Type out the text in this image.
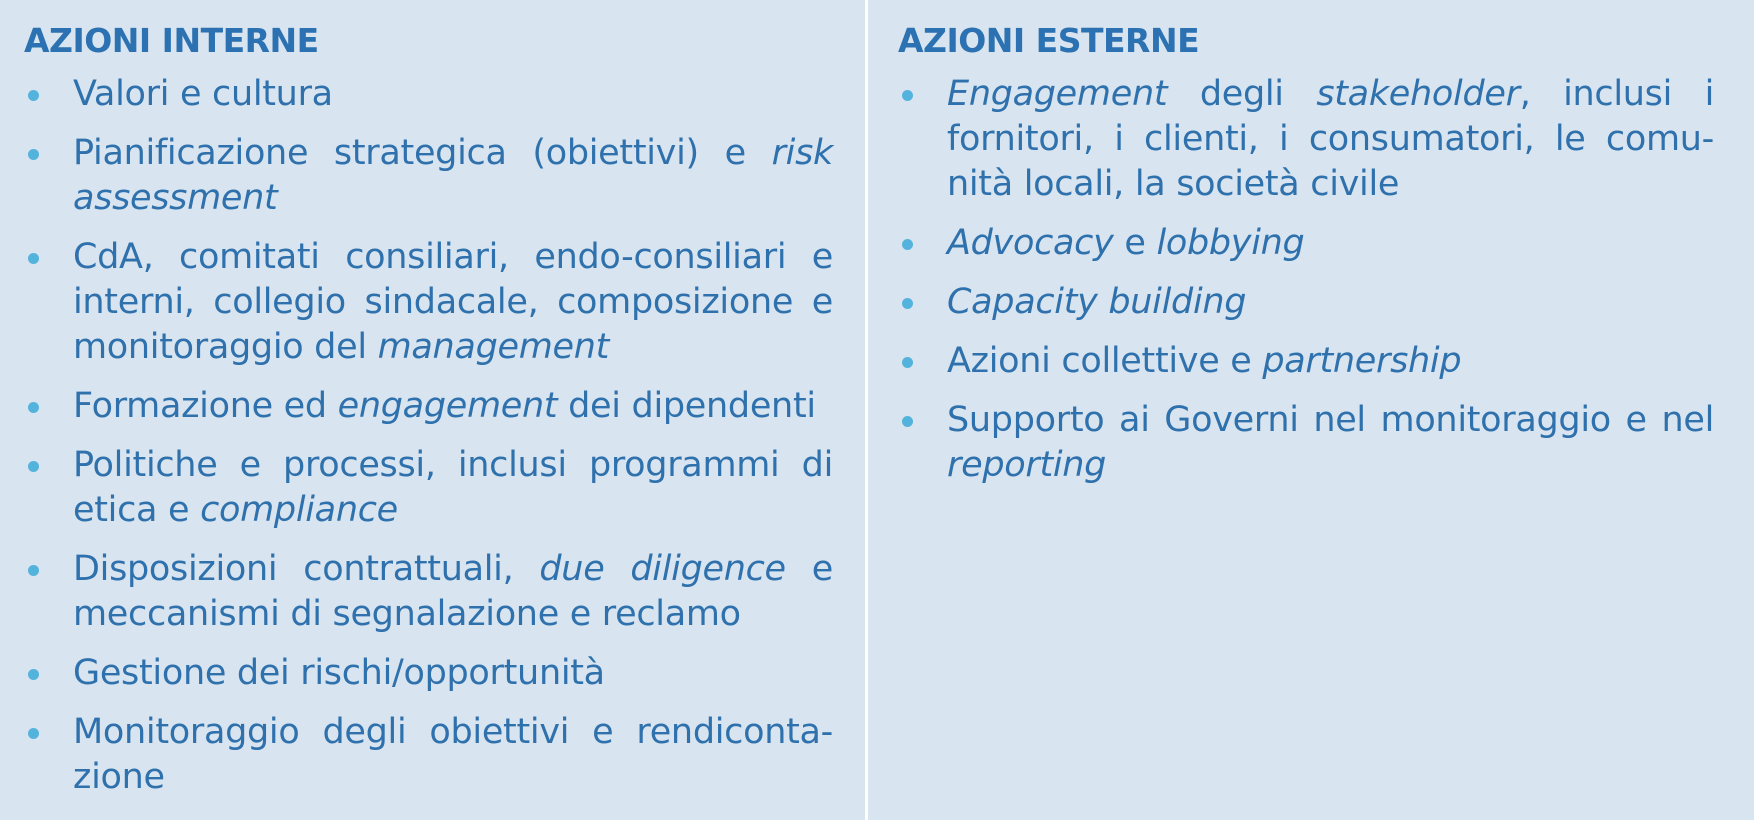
AZIONI INTERNE
Valori e cultura
Pianificazione strategica (obiettivi) e risk assessment
CdA, comitati consiliari, endo-consiliari e interni, collegio sindacale, composizione e monitoraggio del management
Formazione ed engagement dei dipendenti
Politiche e processi, inclusi programmi di etica e compliance
Disposizioni contrattuali, due diligence e meccanismi di segnalazione e reclamo
Gestione dei rischi/opportunità
Monitoraggio degli obiettivi e rendiconta-zione
AZIONI ESTERNE
Engagement degli stakeholder, inclusi i fornitori, i clienti, i consumatori, le comu-nità locali, la società civile
Advocacy e lobbying
Capacity building
Azioni collettive e partnership
Supporto ai Governi nel monitoraggio e nel reporting
